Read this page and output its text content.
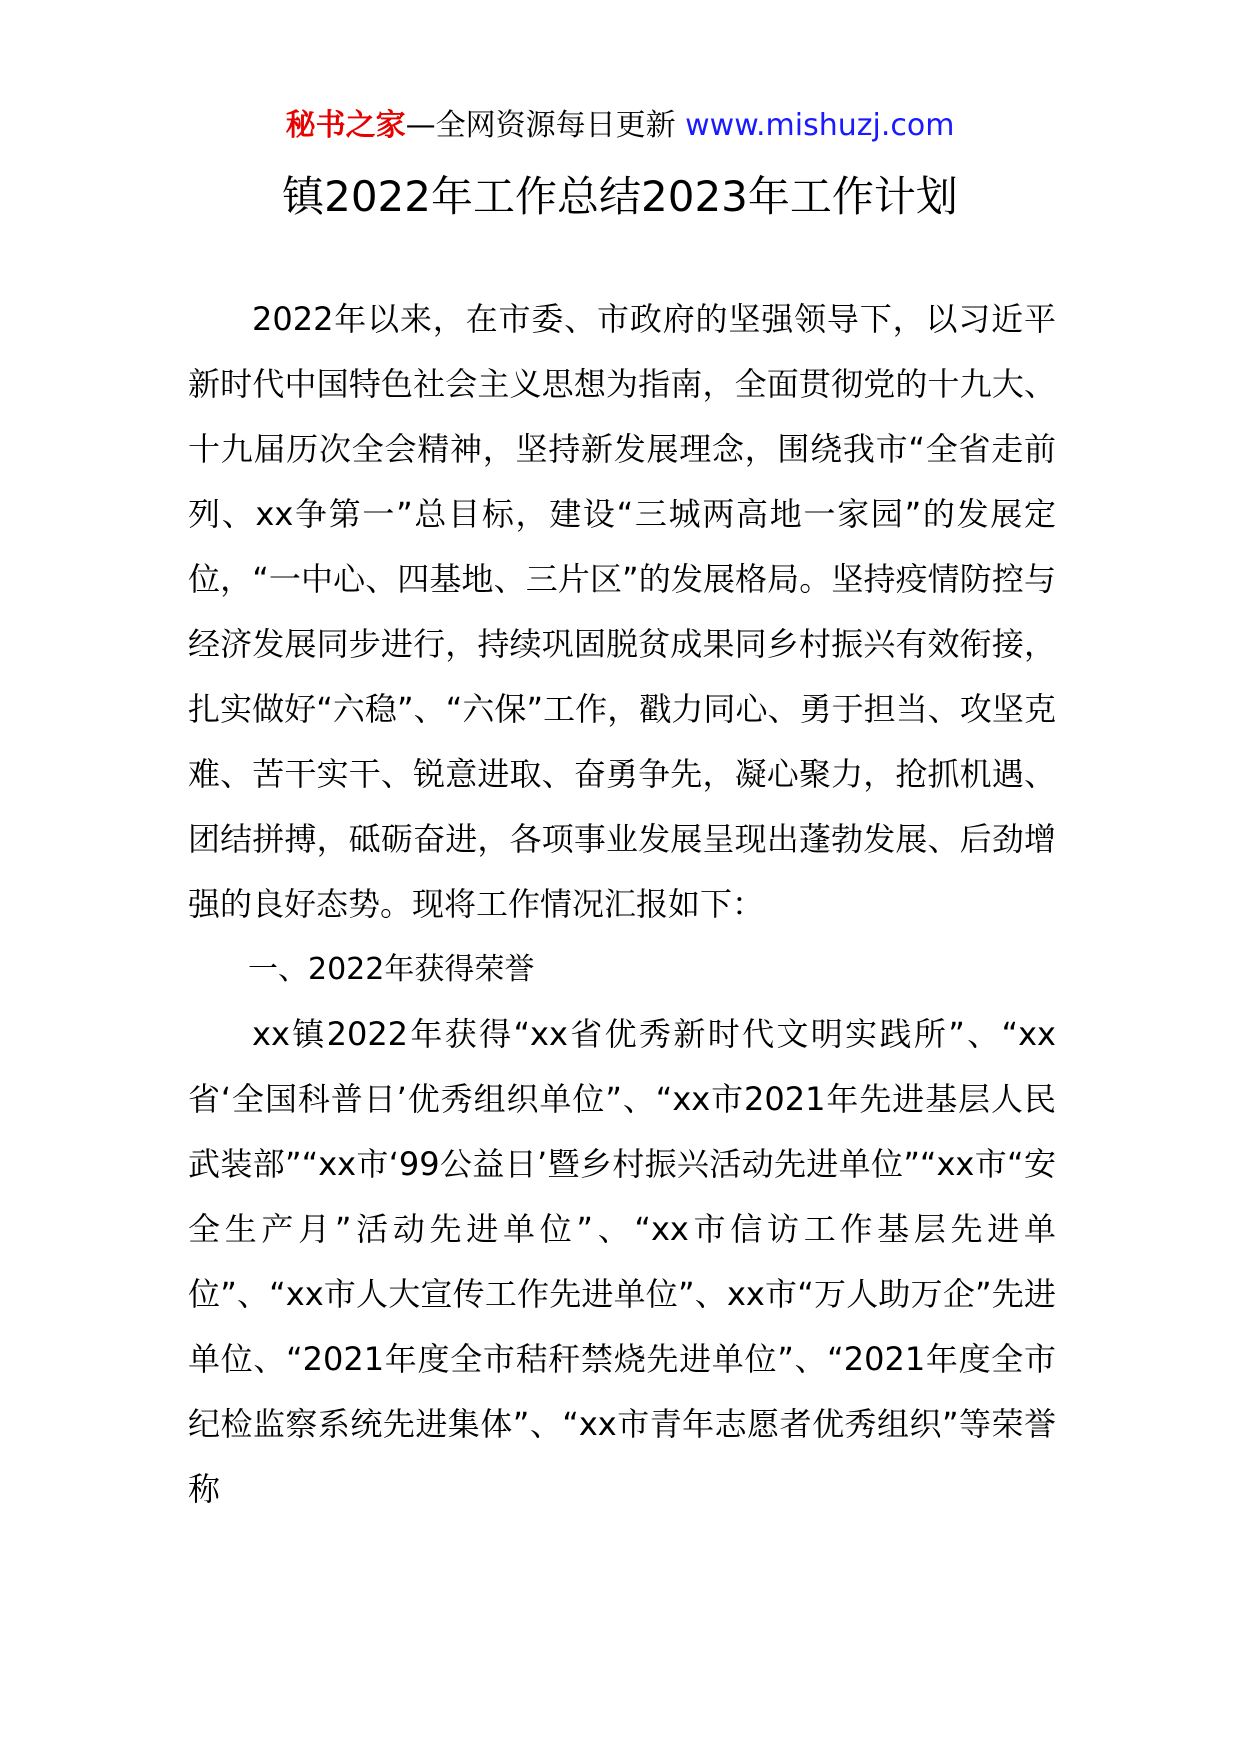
秘书之家—全网资源每日更新 www.mishuzj.com
镇2022年工作总结2023年工作计划

2022年以来，在市委、市政府的坚强领导下，以习近平新时代中国特色社会主义思想为指南，全面贯彻党的十九大、十九届历次全会精神，坚持新发展理念，围绕我市“全省走前列、xx争第一”总目标，建设“三城两高地一家园”的发展定位，“一中心、四基地、三片区”的发展格局。坚持疫情防控与经济发展同步进行，持续巩固脱贫成果同乡村振兴有效衔接，扎实做好“六稳”、“六保”工作，戳力同心、勇于担当、攻坚克难、苦干实干、锐意进取、奋勇争先，凝心聚力，抢抓机遇、团结拼搏，砥砺奋进，各项事业发展呈现出蓬勃发展、后劲增强的良好态势。现将工作情况汇报如下：

一、2022年获得荣誉

xx镇2022年获得“xx省优秀新时代文明实践所”、“xx省‘全国科普日’优秀组织单位”、“xx市2021年先进基层人民武装部”“xx市‘99公益日’暨乡村振兴活动先进单位”“xx市“安全生产月”活动先进单位”、“xx市信访工作基层先进单位”、“xx市人大宣传工作先进单位”、xx市“万人助万企”先进单位、“2021年度全市秸秆禁烧先进单位”、“2021年度全市纪检监察系统先进集体”、“xx市青年志愿者优秀组织”等荣誉称
